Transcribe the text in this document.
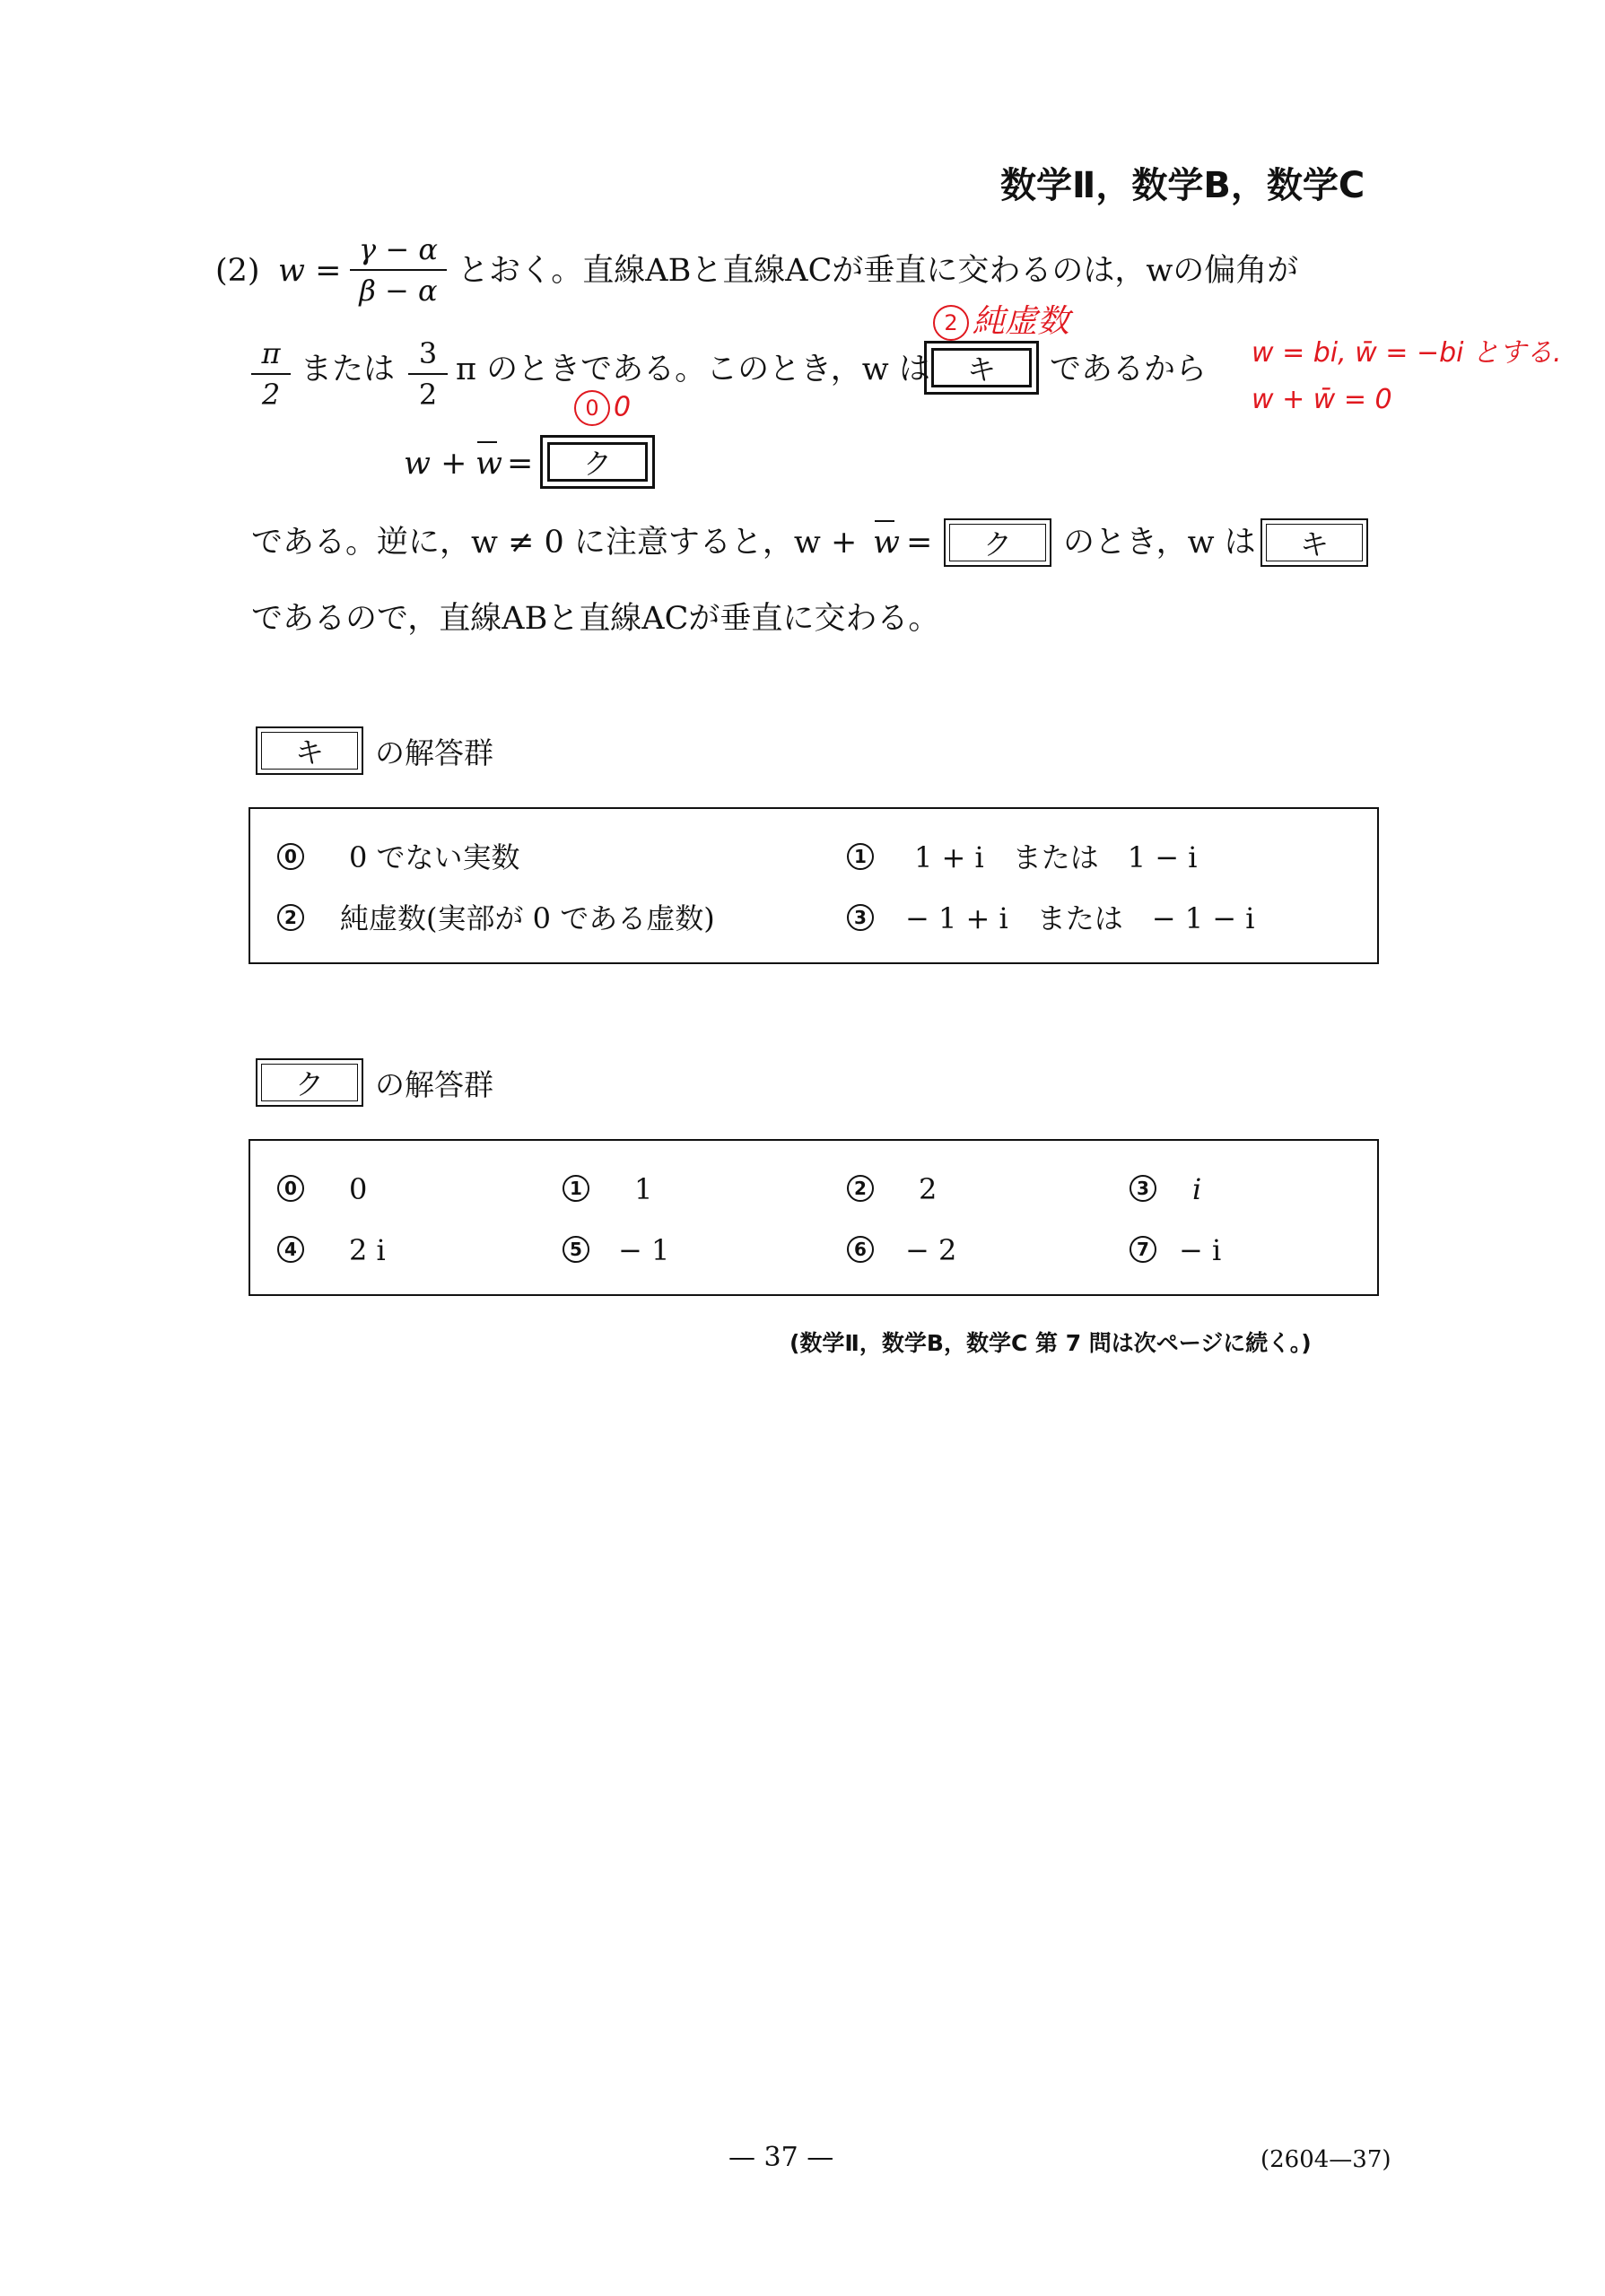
数学Ⅱ，数学B，数学C
(2) $w = \frac{\gamma - \alpha}{\beta - \alpha}$ とおく。直線ABと直線ACが垂直に交わるのは，wの偏角が
$\frac{\pi}{2}$ または $\frac{3}{2}$ π のときである。このとき，w は キ であるから
w + w = ク
である。逆に，w ≠ 0 に注意すると，w + w = ク のとき，w は キ
であるので，直線ABと直線ACが垂直に交わる。
キ の解答群
0 0 でない実数	1 1 + i　または　1 − i
2 純虚数(実部が 0 である虚数)	3 − 1 + i　または　− 1 − i
ク の解答群
0 0	1 1	2 2	3 i
4 2 i	5 − 1	6 − 2	7 − i
(数学Ⅱ，数学B，数学C 第 7 問は次ページに続く。)
— 37 —	(2604—37)
2 純虚数
0 0
w = bi, w̄ = −bi とする.
w + w̄ = 0
